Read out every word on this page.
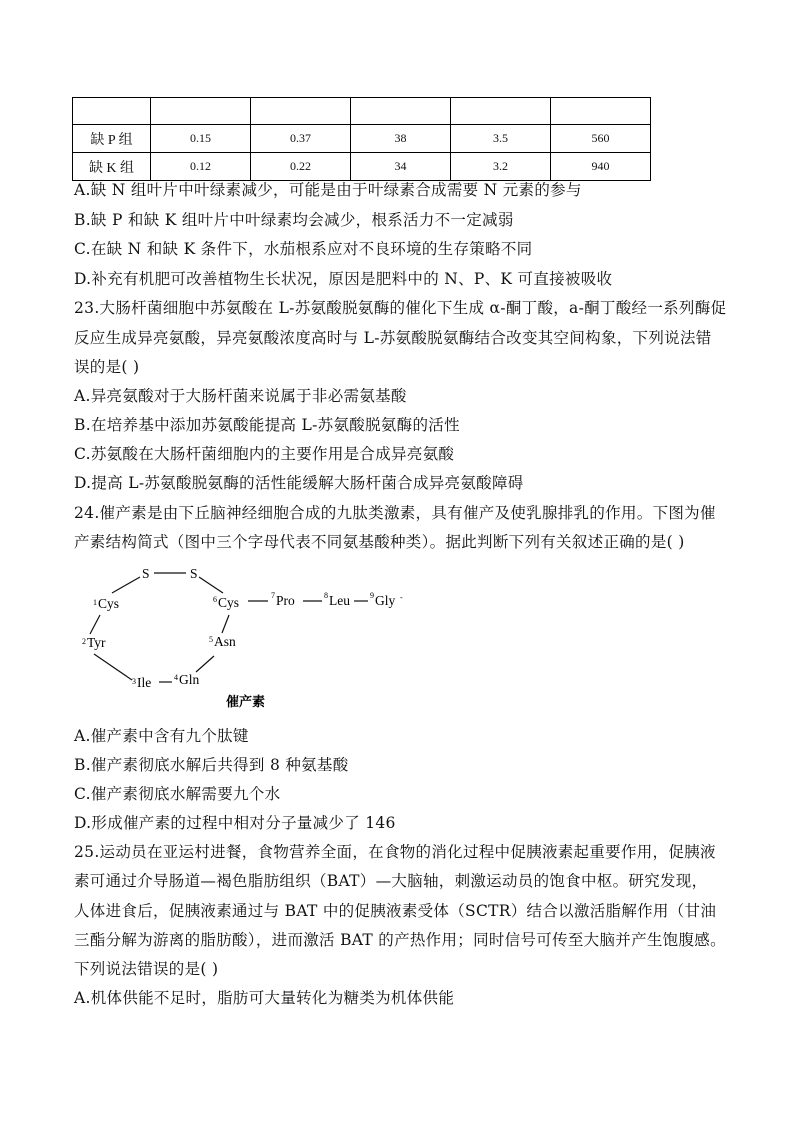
缺 P 组	0.15	0.37	38	3.5	560
缺 K 组	0.12	0.22	34	3.2	940
A.缺 N 组叶片中叶绿素减少，可能是由于叶绿素合成需要 N 元素的参与
B.缺 P 和缺 K 组叶片中叶绿素均会减少，根系活力不一定减弱
C.在缺 N 和缺 K 条件下，水茄根系应对不良环境的生存策略不同
D.补充有机肥可改善植物生长状况，原因是肥料中的 N、P、K 可直接被吸收
23.大肠杆菌细胞中苏氨酸在 L-苏氨酸脱氨酶的催化下生成 α-酮丁酸，a-酮丁酸经一系列酶促
反应生成异亮氨酸，异亮氨酸浓度高时与 L-苏氨酸脱氨酶结合改变其空间构象，下列说法错
误的是( )
A.异亮氨酸对于大肠杆菌来说属于非必需氨基酸
B.在培养基中添加苏氨酸能提高 L-苏氨酸脱氨酶的活性
C.苏氨酸在大肠杆菌细胞内的主要作用是合成异亮氨酸
D.提高 L-苏氨酸脱氨酶的活性能缓解大肠杆菌合成异亮氨酸障碍
24.催产素是由下丘脑神经细胞合成的九肽类激素，具有催产及使乳腺排乳的作用。下图为催
产素结构简式（图中三个字母代表不同氨基酸种类）。据此判断下列有关叙述正确的是( )
S	S
1 Cys
2 Tyr
3 Ile	4 Gln
5 Asn
6 Cys	7 Pro	8 Leu	9 Gly -
催产素
A.催产素中含有九个肽键
B.催产素彻底水解后共得到 8 种氨基酸
C.催产素彻底水解需要九个水
D.形成催产素的过程中相对分子量减少了 146
25.运动员在亚运村进餐，食物营养全面，在食物的消化过程中促胰液素起重要作用，促胰液
素可通过介导肠道—褐色脂肪组织（BAT）—大脑轴，刺激运动员的饱食中枢。研究发现，
人体进食后，促胰液素通过与 BAT 中的促胰液素受体（SCTR）结合以激活脂解作用（甘油
三酯分解为游离的脂肪酸），进而激活 BAT 的产热作用；同时信号可传至大脑并产生饱腹感。
下列说法错误的是( )
A.机体供能不足时，脂肪可大量转化为糖类为机体供能
